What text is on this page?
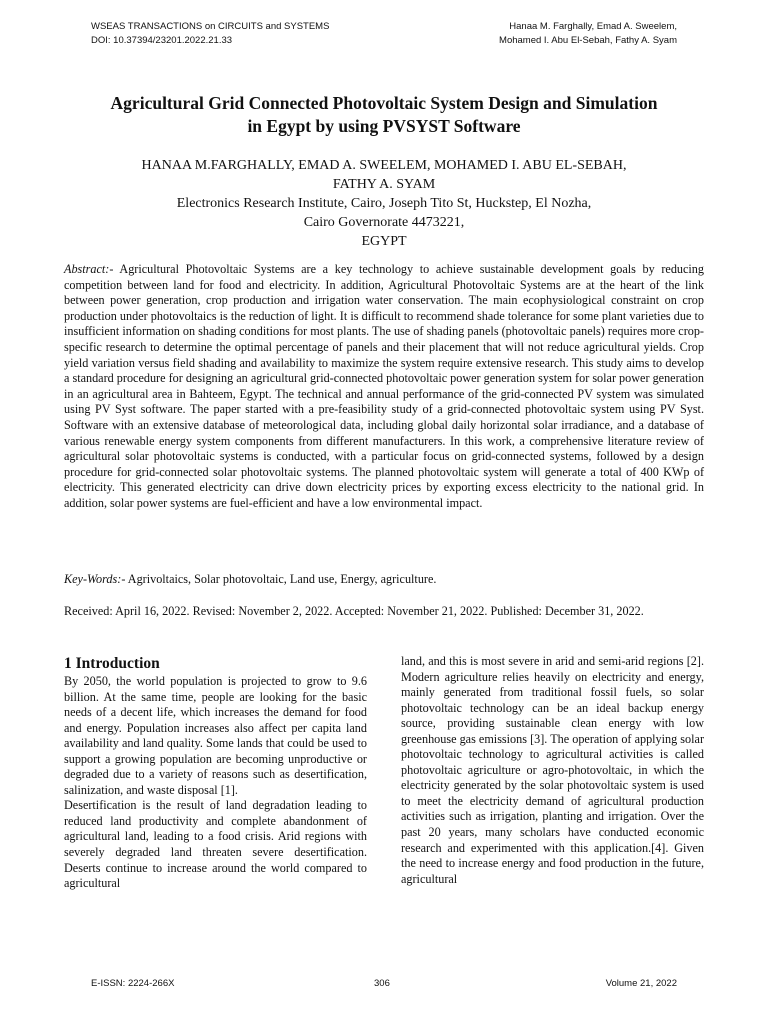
WSEAS TRANSACTIONS on CIRCUITS and SYSTEMS
DOI: 10.37394/23201.2022.21.33
Hanaa M. Farghally, Emad A. Sweelem,
Mohamed I. Abu El-Sebah, Fathy A. Syam
Agricultural Grid Connected Photovoltaic System Design and Simulation
in Egypt by using PVSYST Software
HANAA M.FARGHALLY, EMAD A. SWEELEM, MOHAMED I. ABU EL-SEBAH,
FATHY A. SYAM
Electronics Research Institute, Cairo, Joseph Tito St, Huckstep, El Nozha,
Cairo Governorate 4473221,
EGYPT
Abstract:- Agricultural Photovoltaic Systems are a key technology to achieve sustainable development goals by reducing competition between land for food and electricity. In addition, Agricultural Photovoltaic Systems are at the heart of the link between power generation, crop production and irrigation water conservation. The main ecophysiological constraint on crop production under photovoltaics is the reduction of light. It is difficult to recommend shade tolerance for some plant varieties due to insufficient information on shading conditions for most plants. The use of shading panels (photovoltaic panels) requires more crop-specific research to determine the optimal percentage of panels and their placement that will not reduce agricultural yields. Crop yield variation versus field shading and availability to maximize the system require extensive research. This study aims to develop a standard procedure for designing an agricultural grid-connected photovoltaic power generation system for solar power generation in an agricultural area in Bahteem, Egypt. The technical and annual performance of the grid-connected PV system was simulated using PV Syst software. The paper started with a pre-feasibility study of a grid-connected photovoltaic system using PV Syst. Software with an extensive database of meteorological data, including global daily horizontal solar irradiance, and a database of various renewable energy system components from different manufacturers. In this work, a comprehensive literature review of agricultural solar photovoltaic systems is conducted, with a particular focus on grid-connected systems, followed by a design procedure for grid-connected solar photovoltaic systems. The planned photovoltaic system will generate a total of 400 KWp of electricity. This generated electricity can drive down electricity prices by exporting excess electricity to the national grid. In addition, solar power systems are fuel-efficient and have a low environmental impact.
Key-Words:- Agrivoltaics, Solar photovoltaic, Land use, Energy, agriculture.
Received: April 16, 2022. Revised: November 2, 2022. Accepted: November 21, 2022. Published: December 31, 2022.
1 Introduction

By 2050, the world population is projected to grow to 9.6 billion. At the same time, people are looking for the basic needs of a decent life, which increases the demand for food and energy. Population increases also affect per capita land availability and land quality. Some lands that could be used to support a growing population are becoming unproductive or degraded due to a variety of reasons such as desertification, salinization, and waste disposal [1].

Desertification is the result of land degradation leading to reduced land productivity and complete abandonment of agricultural land, leading to a food crisis. Arid regions with severely degraded land threaten severe desertification. Deserts continue to increase around the world compared to agricultural

land, and this is most severe in arid and semi-arid regions [2]. Modern agriculture relies heavily on electricity and energy, mainly generated from traditional fossil fuels, so solar photovoltaic technology can be an ideal backup energy source, providing sustainable clean energy with low greenhouse gas emissions [3]. The operation of applying solar photovoltaic technology to agricultural activities is called photovoltaic agriculture or agro-photovoltaic, in which the electricity generated by the solar photovoltaic system is used to meet the electricity demand of agricultural production activities such as irrigation, planting and irrigation. Over the past 20 years, many scholars have conducted economic research and experimented with this application.[4]. Given the need to increase energy and food production in the future, agricultural

E-ISSN: 2224-266X	306	Volume 21, 2022
